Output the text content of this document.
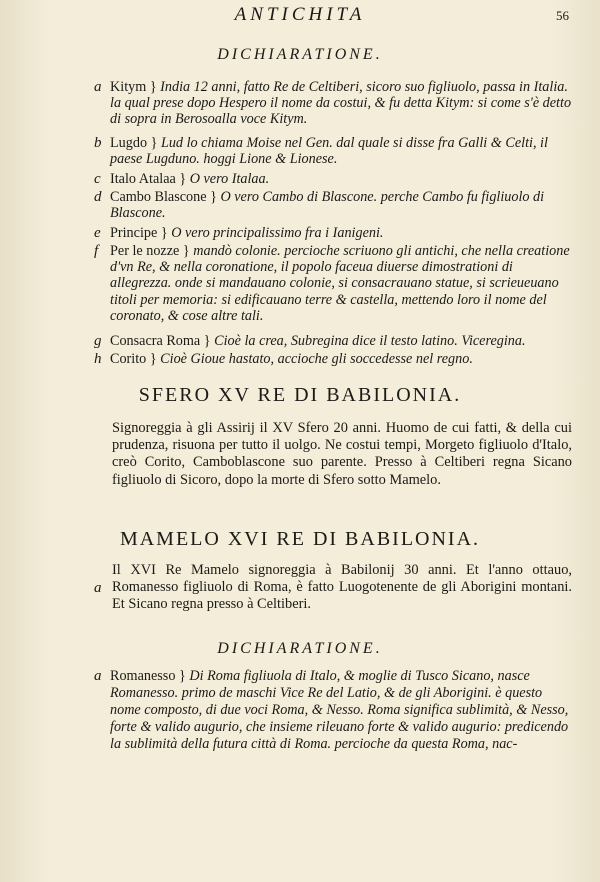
ANTICHITA	56
DICHIARATIONE.
a Kitym } India 12 anni, fatto Re de Celtiberi, sicoro suo figliuolo, passa in Italia. la qual prese dopo Hespero il nome da costui, & fu detta Kitym: si come s'è detto di sopra in Berosoalla voce Kitym.
b Lugdo } Lud lo chiama Moise nel Gen. dal quale si disse fra Galli & Celti, il paese Lugduno. hoggi Lione & Lionese.
c Italo Atalaa } O vero Italaa.
d Cambo Blascone } O vero Cambo di Blascone. perche Cambo fu figliuolo di Blascone.
e Principe } O vero principalissimo fra i Ianigeni.
f Per le nozze } mandò colonie. percioche scriuono gli antichi, che nella creatione d'vn Re, & nella coronatione, il popolo faceua diuerse dimostrationi di allegrezza. onde si mandauano colonie, si consacrauano statue, si scrieueuano titoli per memoria: si edificauano terre & castella, mettendo loro il nome del coronato, & cose altre tali.
g Consacra Roma } Cioè la crea, Subregina dice il testo latino. Viceregina.
h Corito } Cioè Gioue hastato, accioche gli soccedesse nel regno.
SFERO XV RE DI BABILONIA.
Signoreggia à gli Assirij il XV Sfero 20 anni. Huomo de cui fatti, & della cui prudenza, risuona per tutto il uolgo. Ne costui tempi, Morgeto figliuolo d'Italo, creò Corito, Camboblascone suo parente. Presso à Celtiberi regna Sicano figliuolo di Sicoro, dopo la morte di Sfero sotto Mamelo.
MAMELO XVI RE DI BABILONIA.
a
Il XVI Re Mamelo signoreggia à Babilonij 30 anni. Et l'anno ottauo, Romanesso figliuolo di Roma, è fatto Luogotenente de gli Aborigini montani. Et Sicano regna presso à Celtiberi.
DICHIARATIONE.
a Romanesso } Di Roma figliuola di Italo, & moglie di Tusco Sicano, nasce Romanesso. primo de maschi Vice Re del Latio, & de gli Aborigini. è questo nome composto, di due voci Roma, & Nesso. Roma significa sublimità, & Nesso, forte & valido augurio, che insieme rileuano forte & valido augurio: predicendo la sublimità della futura città di Roma. percioche da questa Roma, nac-
